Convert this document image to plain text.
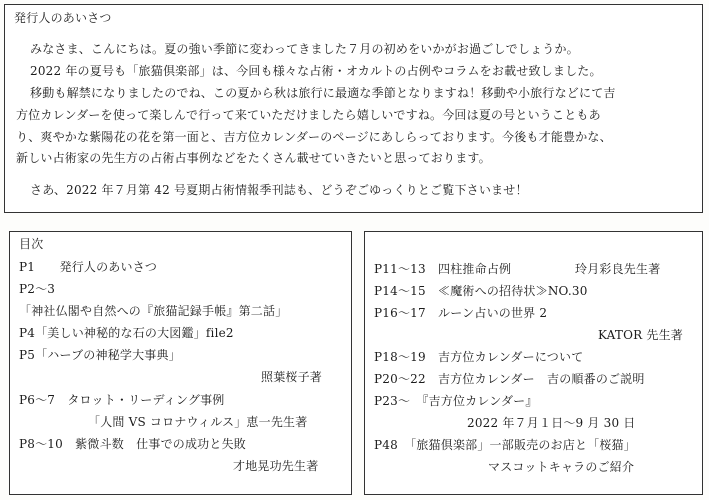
発行人のあいさつ
みなさま、こんにちは。夏の強い季節に変わってきました７月の初めをいかがお過ごしでしょうか。
2022 年の夏号も「旅猫倶楽部」は、今回も様々な占術・オカルトの占例やコラムをお載せ致しました。
移動も解禁になりましたのでね、この夏から秋は旅行に最適な季節となりますね！移動や小旅行などにて吉
方位カレンダーを使って楽しんで行って来ていただけましたら嬉しいですね。今回は夏の号ということもあ
り、爽やかな紫陽花の花を第一面と、吉方位カレンダーのページにあしらっております。今後も才能豊かな、
新しい占術家の先生方の占術占事例などをたくさん載せていきたいと思っております。
さあ、2022 年７月第 42 号夏期占術情報季刊誌も、どうぞごゆっくりとご覧下さいませ！
目次
P1　　発行人のあいさつ
P2～3
「神社仏閣や自然への『旅猫記録手帳』第二話」
P4「美しい神秘的な石の大図鑑」file2
P5「ハーブの神秘学大事典」
照葉桜子著
P6～7　タロット・リーディング事例
「人間 VS コロナウィルス」恵一先生著
P8～10　紫微斗数　仕事での成功と失敗
才地晃功先生著
P11～13　四柱推命占例	玲月彩良先生著
P14～15　≪魔術への招待状≫NO.30
P16～17　ルーン占いの世界 2
KATOR 先生著
P18～19　吉方位カレンダーについて
P20～22　吉方位カレンダー　吉の順番のご説明
P23～　『吉方位カレンダー』
2022 年７月１日～9 月 30 日
P48　「旅猫倶楽部」一部販売のお店と「桜猫」
マスコットキャラのご紹介
